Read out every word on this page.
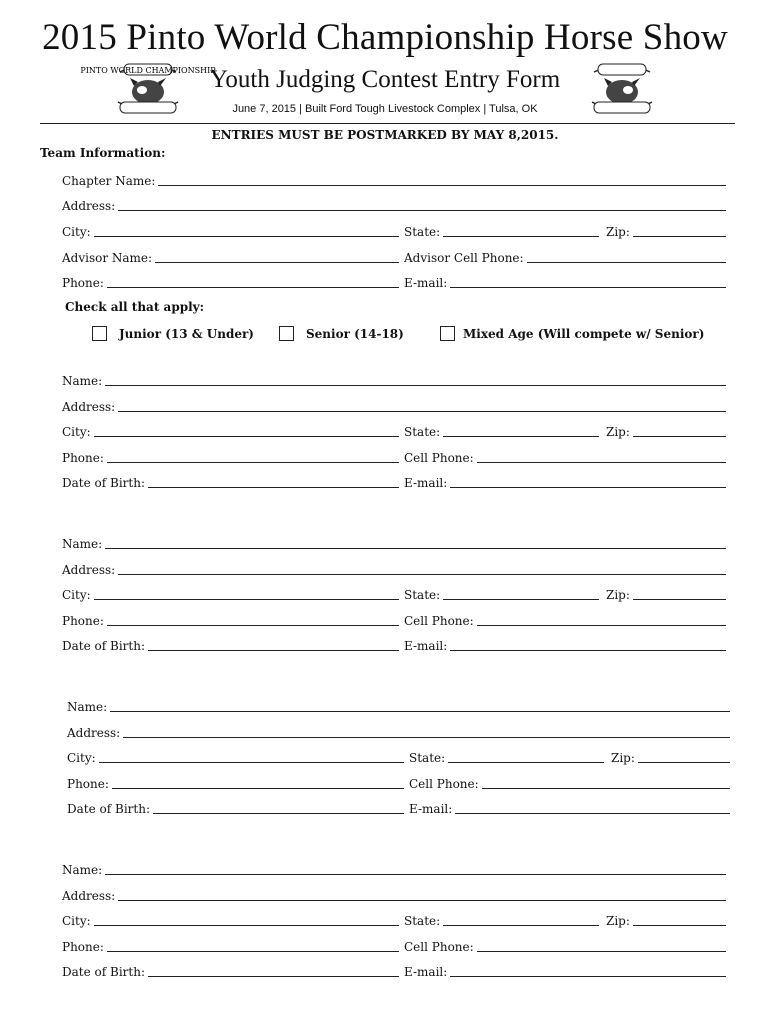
2015 Pinto World Championship Horse Show
PINTO WORLD CHAMPIONSHIP
Youth Judging Contest Entry Form
June 7, 2015 | Built Ford Tough Livestock Complex | Tulsa, OK
ENTRIES MUST BE POSTMARKED BY MAY 8,2015.
Team Information:
Chapter Name:
Address:
City:	State:	Zip:
Advisor Name:	Advisor Cell Phone:
Phone:	E-mail:
Check all that apply:
Junior (13 & Under)	Senior (14-18)	Mixed Age (Will compete w/ Senior)
Name:
Address:
City:	State:	Zip:
Phone:	Cell Phone:
Date of Birth:	E-mail:
Name:
Address:
City:	State:	Zip:
Phone:	Cell Phone:
Date of Birth:	E-mail:
Name:
Address:
City:	State:	Zip:
Phone:	Cell Phone:
Date of Birth:	E-mail:
Name:
Address:
City:	State:	Zip:
Phone:	Cell Phone:
Date of Birth:	E-mail:
